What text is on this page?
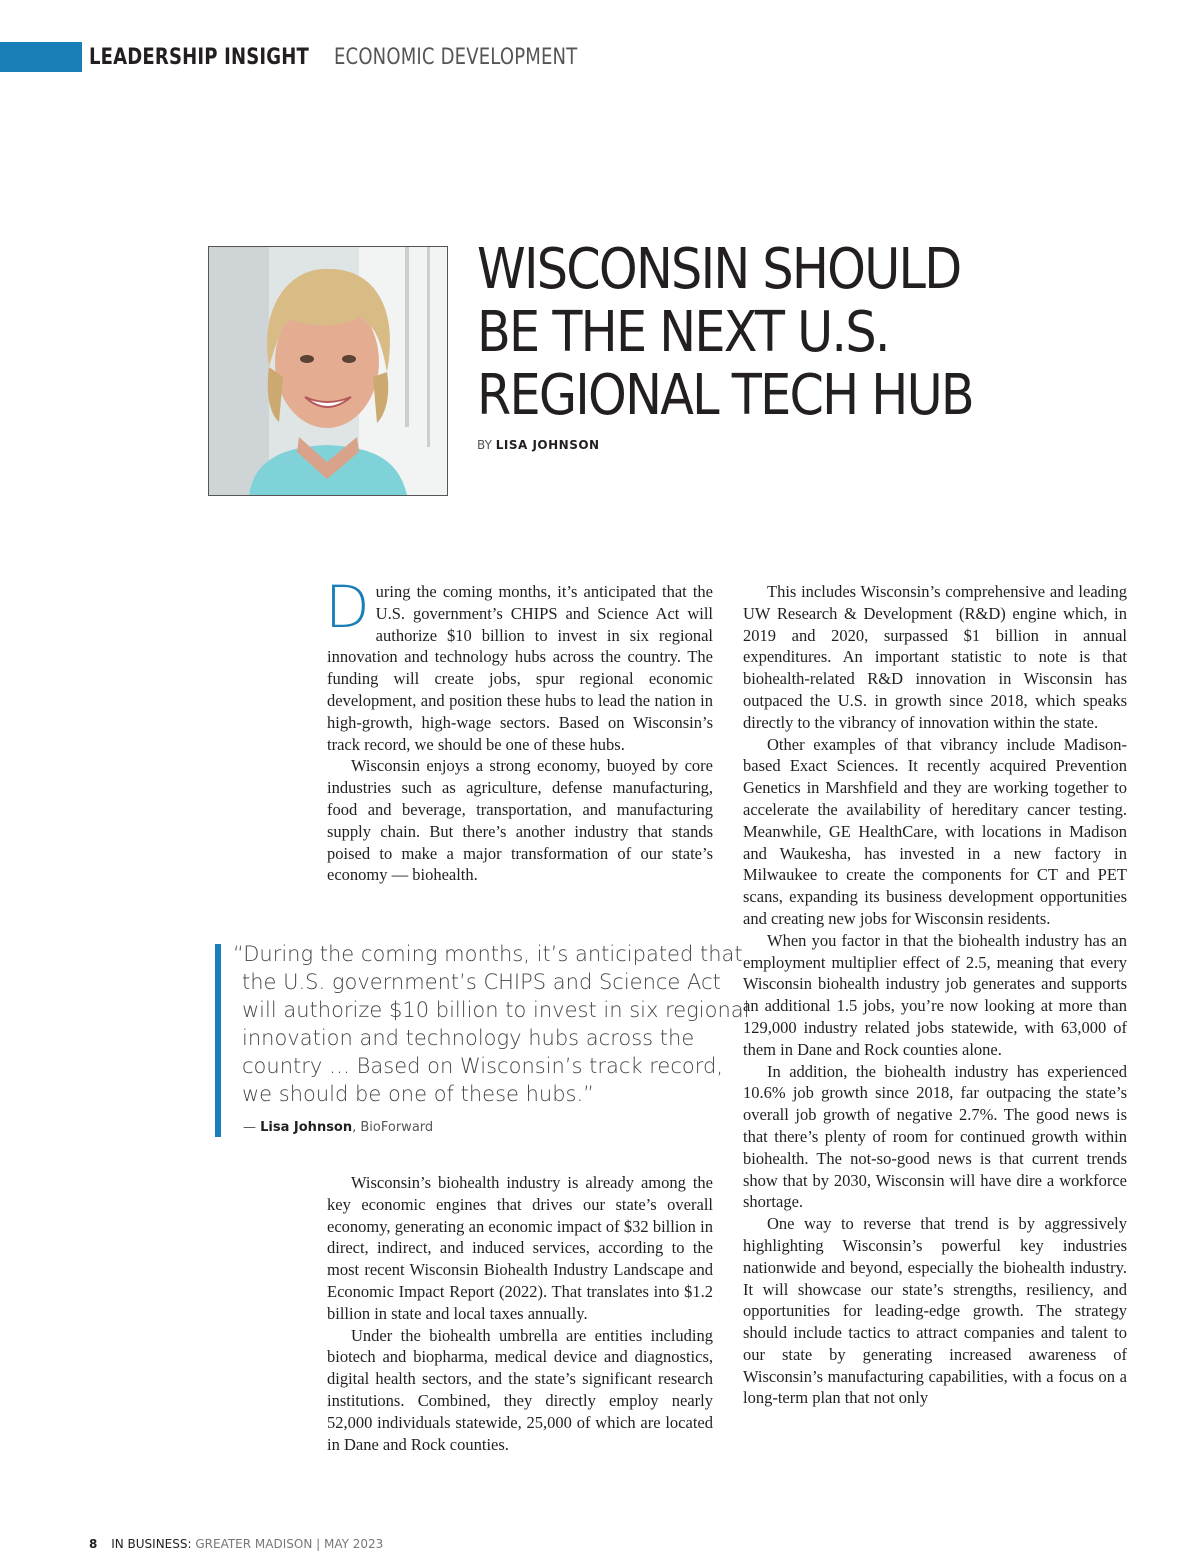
LEADERSHIP INSIGHT ECONOMIC DEVELOPMENT
WISCONSIN SHOULD
BE THE NEXT U.S.
REGIONAL TECH HUB
BY LISA JOHNSON

During the coming months, it’s anticipated that the U.S. government’s CHIPS and Science Act will authorize $10 billion to invest in six regional innovation and technology hubs across the country. The funding will create jobs, spur regional economic development, and position these hubs to lead the nation in high-growth, high-wage sectors. Based on Wisconsin’s track record, we should be one of these hubs.

Wisconsin enjoys a strong economy, buoyed by core industries such as agriculture, defense manufacturing, food and beverage, transportation, and manufacturing supply chain. But there’s another industry that stands poised to make a major transformation of our state’s economy — biohealth.

“During the coming months, it’s anticipated that
the U.S. government’s CHIPS and Science Act
will authorize $10 billion to invest in six regional
innovation and technology hubs across the
country … Based on Wisconsin’s track record,
we should be one of these hubs.”
— Lisa Johnson, BioForward

Wisconsin’s biohealth industry is already among the key economic engines that drives our state’s overall economy, generating an economic impact of $32 billion in direct, indirect, and induced services, according to the most recent Wisconsin Biohealth Industry Landscape and Economic Impact Report (2022). That translates into $1.2 billion in state and local taxes annually.

Under the biohealth umbrella are entities including biotech and biopharma, medical device and diagnostics, digital health sectors, and the state’s significant research institutions. Combined, they directly employ nearly 52,000 individuals statewide, 25,000 of which are located in Dane and Rock counties.

This includes Wisconsin’s comprehensive and leading UW Research & Development (R&D) engine which, in 2019 and 2020, surpassed $1 billion in annual expenditures. An important statistic to note is that biohealth-related R&D innovation in Wisconsin has outpaced the U.S. in growth since 2018, which speaks directly to the vibrancy of innovation within the state.

Other examples of that vibrancy include Madison-based Exact Sciences. It recently acquired Prevention Genetics in Marshfield and they are working together to accelerate the availability of hereditary cancer testing. Meanwhile, GE HealthCare, with locations in Madison and Waukesha, has invested in a new factory in Milwaukee to create the components for CT and PET scans, expanding its business development opportunities and creating new jobs for Wisconsin residents.

When you factor in that the biohealth industry has an employment multiplier effect of 2.5, meaning that every Wisconsin biohealth industry job generates and supports an additional 1.5 jobs, you’re now looking at more than 129,000 industry related jobs statewide, with 63,000 of them in Dane and Rock counties alone.

In addition, the biohealth industry has experienced 10.6% job growth since 2018, far outpacing the state’s overall job growth of negative 2.7%. The good news is that there’s plenty of room for continued growth within biohealth. The not-so-good news is that current trends show that by 2030, Wisconsin will have dire a workforce shortage.

One way to reverse that trend is by aggressively highlighting Wisconsin’s powerful key industries nationwide and beyond, especially the biohealth industry. It will showcase our state’s strengths, resiliency, and opportunities for leading-edge growth. The strategy should include tactics to attract companies and talent to our state by generating increased awareness of Wisconsin’s manufacturing capabilities, with a focus on a long-term plan that not only

8 IN BUSINESS: GREATER MADISON | MAY 2023
